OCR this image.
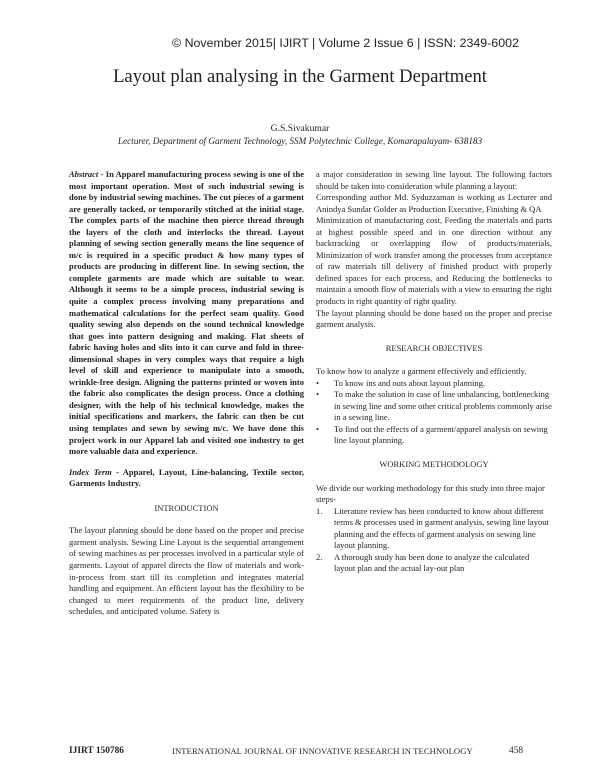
© November 2015| IJIRT | Volume 2 Issue 6 | ISSN: 2349-6002
Layout plan analysing in the Garment Department
G.S.Sivakumar
Lecturer, Department of Garment Technology, SSM Polytechnic College, Komarapalayam- 638183

Abstract - In Apparel manufacturing process sewing is one of the most important operation. Most of such industrial sewing is done by industrial sewing machines. The cut pieces of a garment are generally tacked, or temporarily stitched at the initial stage. The complex parts of the machine then pierce thread through the layers of the cloth and interlocks the thread. Layout planning of sewing section generally means the line sequence of m/c is required in a specific product & how many types of products are producing in different line. In sewing section, the complete garments are made which are suitable to wear. Although it seems to be a simple process, industrial sewing is quite a complex process involving many preparations and mathematical calculations for the perfect seam quality. Good quality sewing also depends on the sound technical knowledge that goes into pattern designing and making. Flat sheets of fabric having holes and slits into it can curve and fold in three-dimensional shapes in very complex ways that require a high level of skill and experience to manipulate into a smooth, wrinkle-free design. Aligning the patterns printed or woven into the fabric also complicates the design process. Once a clothing designer, with the help of his technical knowledge, makes the initial specifications and markers, the fabric can then be cut using templates and sewn by sewing m/c. We have done this project work in our Apparel lab and visited one industry to get more valuable data and experience.

Index Term - Apparel, Layout, Line-balancing, Textile sector, Garments Industry.

INTRODUCTION

The layout planning should be done based on the proper and precise garment analysis. Sewing Line Layout is the sequential arrangement of sewing machines as per processes involved in a particular style of garments. Layout of apparel directs the flow of materials and work-in-process from start till its completion and integrates material handling and equipment. An efficient layout has the flexibility to be changed to meet requirements of the product line, delivery schedules, and anticipated volume. Safety is

a major consideration in sewing line layout. The following factors should be taken into consideration while planning a layout:

Corresponding author Md. Syduzzaman is working as Lecturer and Anindya Sundar Golder as Production Executive, Finishing & QA

Minimization of manufacturing cost, Feeding the materials and parts at highest possible speed and in one direction without any backtracking or overlapping flow of products/materials, Minimization of work transfer among the processes from acceptance of raw materials till delivery of finished product with properly defined spaces for each process, and Reducing the bottlenecks to maintain a smooth flow of materials with a view to ensuring the right products in right quantity of right quality.

The layout planning should be done based on the proper and precise garment analysis.

RESEARCH OBJECTIVES

To know how to analyze a garment effectively and efficiently.

• To know ins and outs about layout planning.
• To make the solution in case of line unbalancing, bottlenecking in sewing line and some other critical problems commonly arise in a sewing line.
• To find out the effects of a garment/apparel analysis on sewing line layout planning.

WORKING METHODOLOGY

We divide our working methodology for this study into three major steps-

1. Literature review has been conducted to know about different terms & processes used in garment analysis, sewing line layout planning and the effects of garment analysis on sewing line layout planning.
2. A thorough study has been done to analyze the calculated layout plan and the actual lay-out plan
IJIRT 150786	INTERNATIONAL JOURNAL OF INNOVATIVE RESEARCH IN TECHNOLOGY	458
